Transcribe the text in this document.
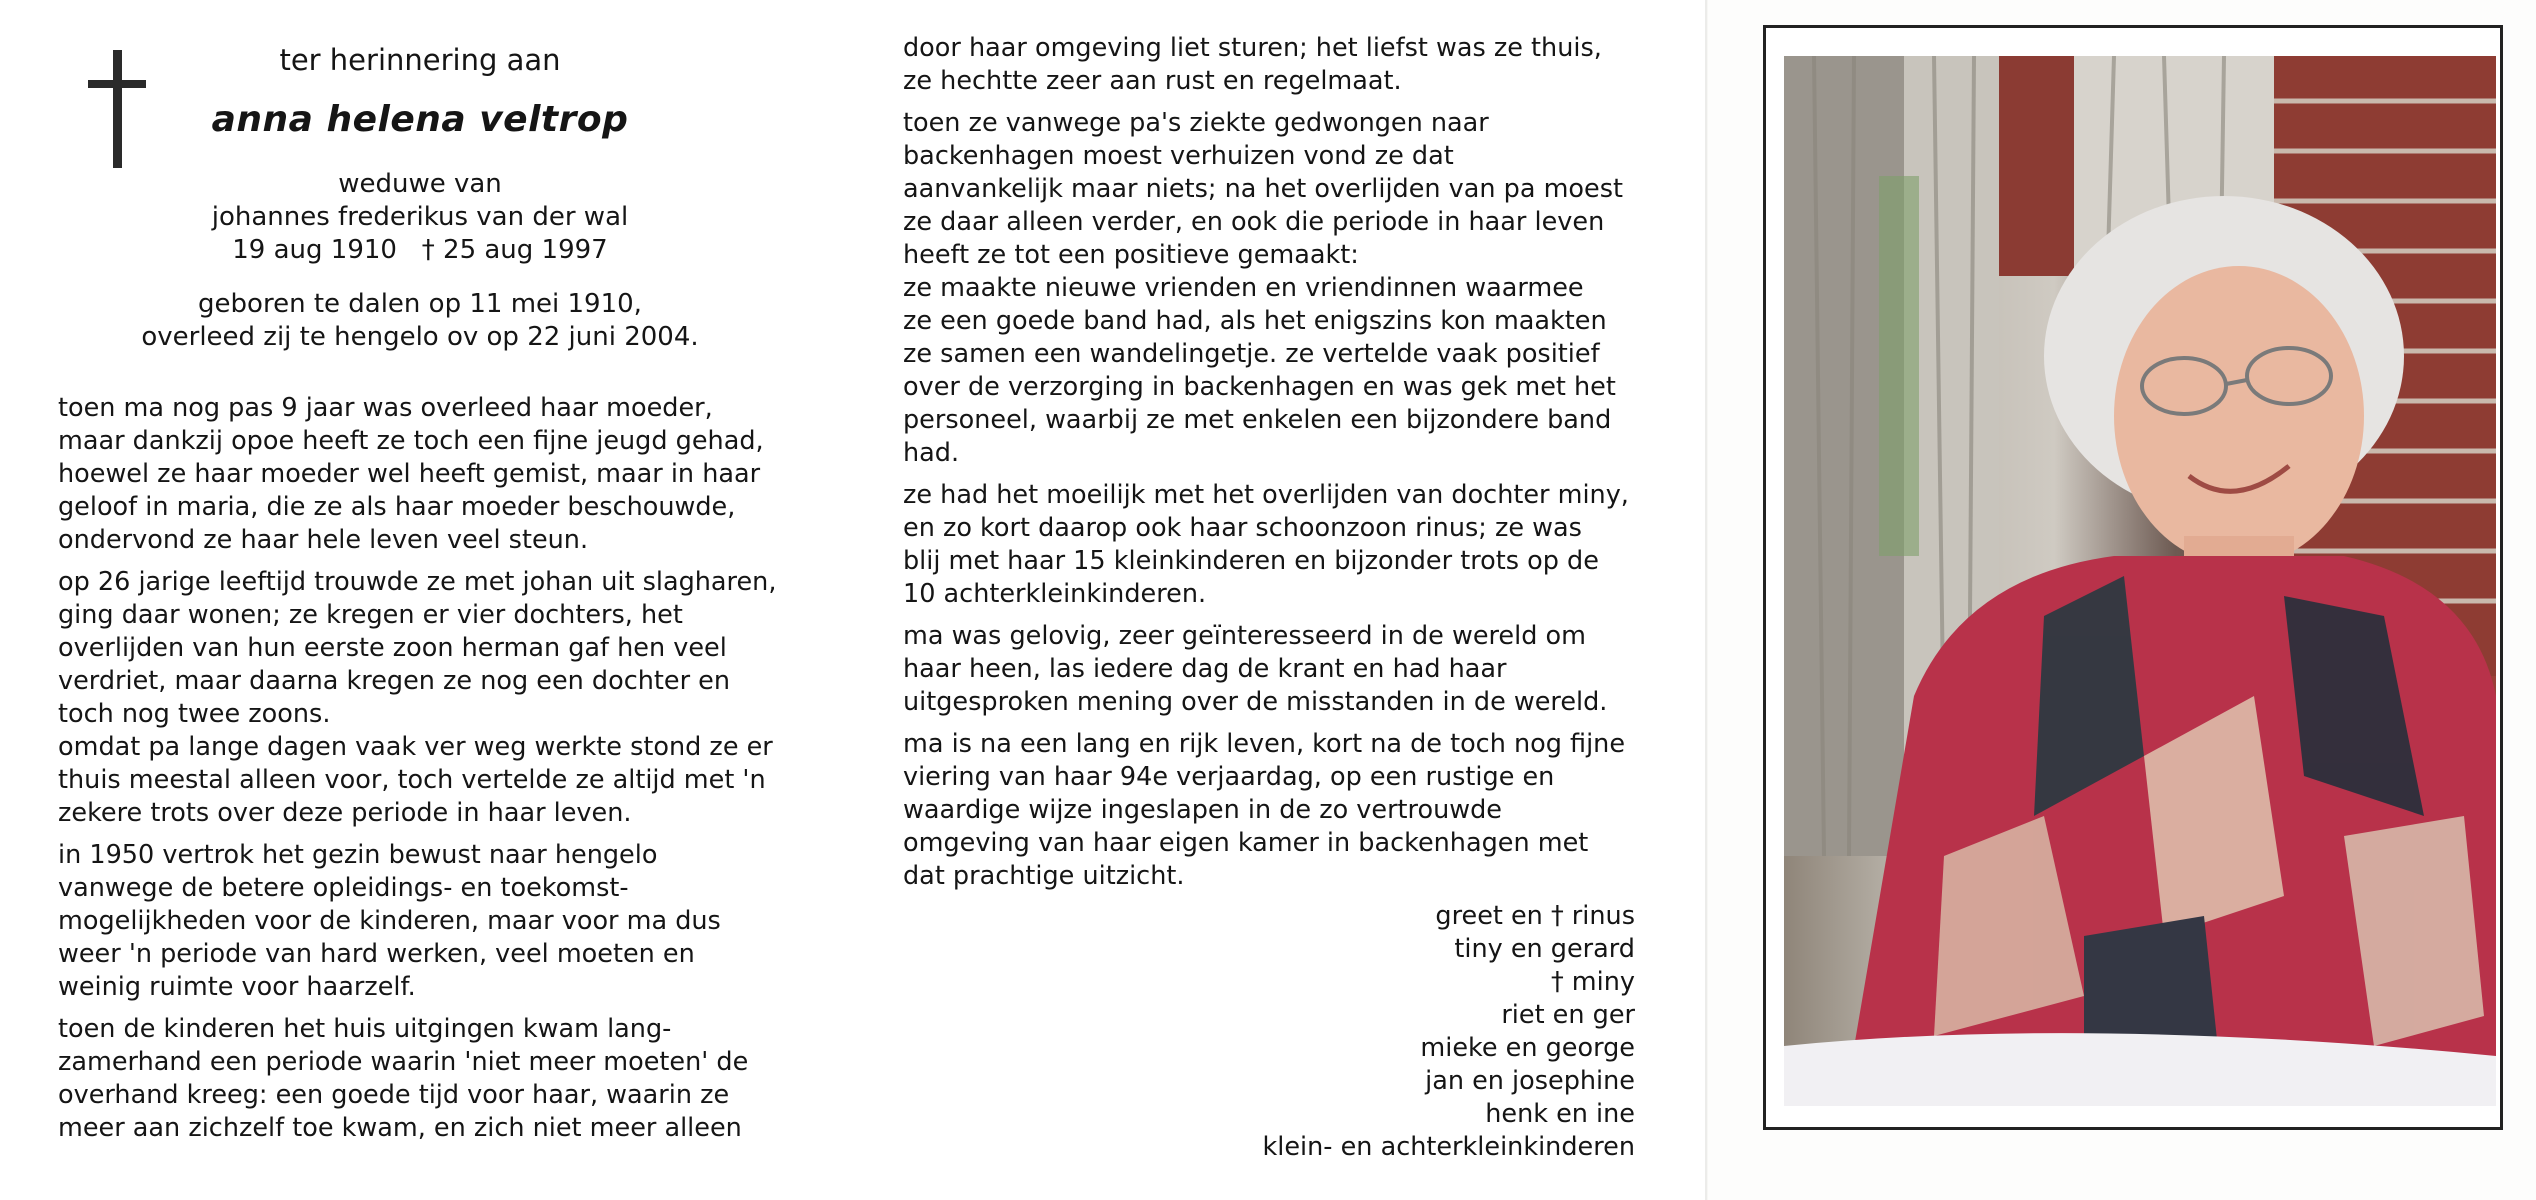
ter herinnering aan
anna helena veltrop
weduwe van
johannes frederikus van der wal
19 aug 1910   † 25 aug 1997
geboren te dalen op 11 mei 1910,
overleed zij te hengelo ov op 22 juni 2004.

toen ma nog pas 9 jaar was overleed haar moeder,
maar dankzij opoe heeft ze toch een fijne jeugd gehad,
hoewel ze haar moeder wel heeft gemist, maar in haar
geloof in maria, die ze als haar moeder beschouwde,
ondervond ze haar hele leven veel steun.

op 26 jarige leeftijd trouwde ze met johan uit slagharen,
ging daar wonen; ze kregen er vier dochters, het
overlijden van hun eerste zoon herman gaf hen veel
verdriet, maar daarna kregen ze nog een dochter en
toch nog twee zoons.
omdat pa lange dagen vaak ver weg werkte stond ze er
thuis meestal alleen voor, toch vertelde ze altijd met 'n
zekere trots over deze periode in haar leven.

in 1950 vertrok het gezin bewust naar hengelo
vanwege de betere opleidings- en toekomst-
mogelijkheden voor de kinderen, maar voor ma dus
weer 'n periode van hard werken, veel moeten en
weinig ruimte voor haarzelf.

toen de kinderen het huis uitgingen kwam lang-
zamerhand een periode waarin 'niet meer moeten' de
overhand kreeg: een goede tijd voor haar, waarin ze
meer aan zichzelf toe kwam, en zich niet meer alleen

door haar omgeving liet sturen; het liefst was ze thuis,
ze hechtte zeer aan rust en regelmaat.

toen ze vanwege pa's ziekte gedwongen naar
backenhagen moest verhuizen vond ze dat
aanvankelijk maar niets; na het overlijden van pa moest
ze daar alleen verder, en ook die periode in haar leven
heeft ze tot een positieve gemaakt:
ze maakte nieuwe vrienden en vriendinnen waarmee
ze een goede band had, als het enigszins kon maakten
ze samen een wandelingetje. ze vertelde vaak positief
over de verzorging in backenhagen en was gek met het
personeel, waarbij ze met enkelen een bijzondere band
had.

ze had het moeilijk met het overlijden van dochter miny,
en zo kort daarop ook haar schoonzoon rinus; ze was
blij met haar 15 kleinkinderen en bijzonder trots op de
10 achterkleinkinderen.

ma was gelovig, zeer geïnteresseerd in de wereld om
haar heen, las iedere dag de krant en had haar
uitgesproken mening over de misstanden in de wereld.

ma is na een lang en rijk leven, kort na de toch nog fijne
viering van haar 94e verjaardag, op een rustige en
waardige wijze ingeslapen in de zo vertrouwde
omgeving van haar eigen kamer in backenhagen met
dat prachtige uitzicht.

greet en † rinus
tiny en gerard
† miny
riet en ger
mieke en george
jan en josephine
henk en ine
klein- en achterkleinkinderen
